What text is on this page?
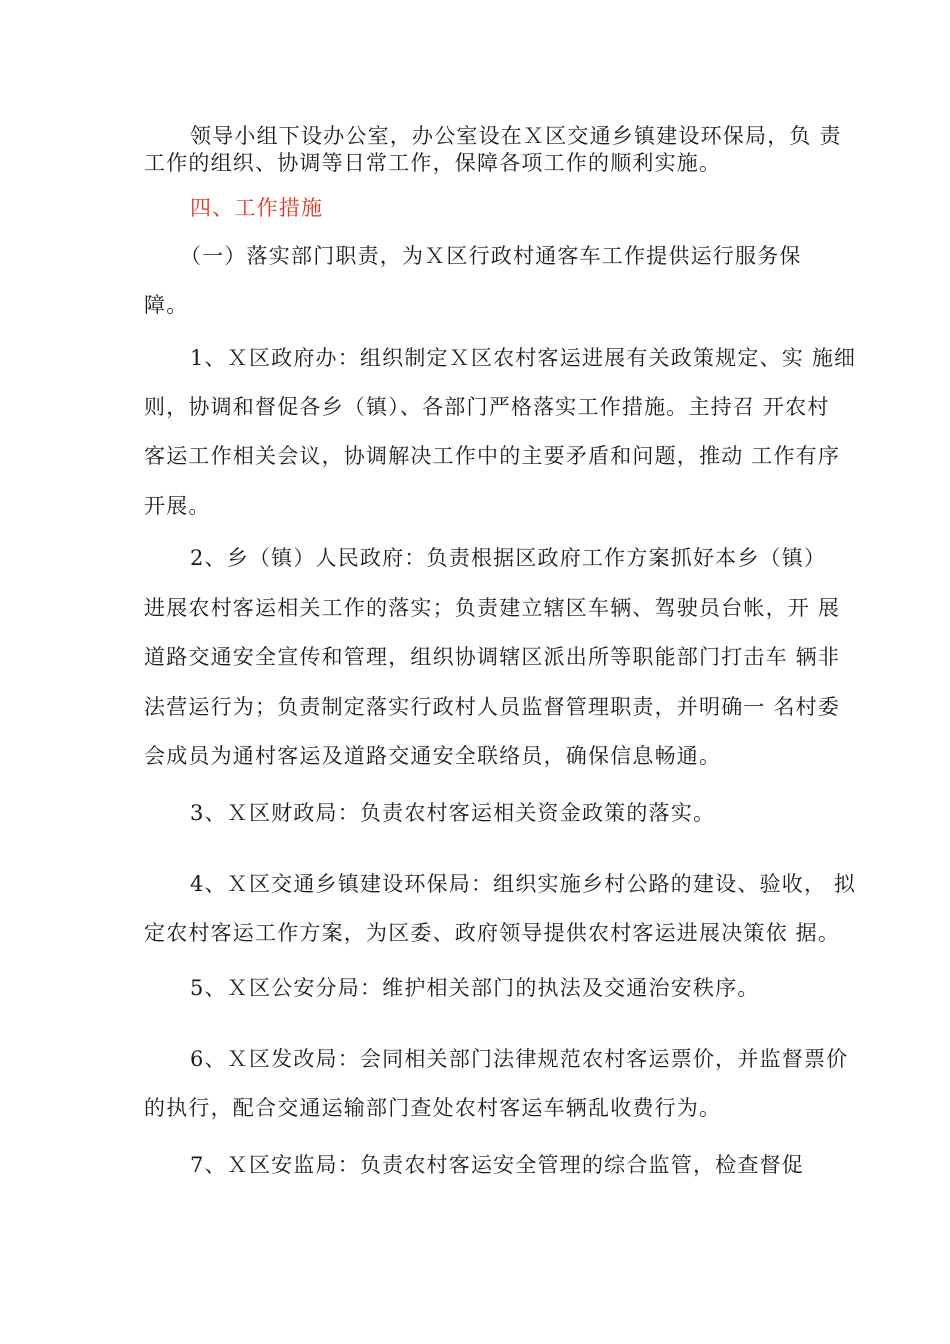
领导小组下设办公室，办公室设在Ｘ区交通乡镇建设环保局，负 责
工作的组织、协调等日常工作，保障各项工作的顺利实施。
四、工作措施
（一）落实部门职责，为Ｘ区行政村通客车工作提供运行服务保
障。
1、Ｘ区政府办：组织制定Ｘ区农村客运进展有关政策规定、实 施细
则，协调和督促各乡（镇）、各部门严格落实工作措施。主持召 开农村
客运工作相关会议，协调解决工作中的主要矛盾和问题，推动 工作有序
开展。
2、乡（镇）人民政府：负责根据区政府工作方案抓好本乡（镇）
进展农村客运相关工作的落实；负责建立辖区车辆、驾驶员台帐，开 展
道路交通安全宣传和管理，组织协调辖区派出所等职能部门打击车 辆非
法营运行为；负责制定落实行政村人员监督管理职责，并明确一 名村委
会成员为通村客运及道路交通安全联络员，确保信息畅通。
3、Ｘ区财政局：负责农村客运相关资金政策的落实。
4、Ｘ区交通乡镇建设环保局：组织实施乡村公路的建设、验收， 拟
定农村客运工作方案，为区委、政府领导提供农村客运进展决策依 据。
5、Ｘ区公安分局：维护相关部门的执法及交通治安秩序。
6、Ｘ区发改局：会同相关部门法律规范农村客运票价，并监督票价
的执行，配合交通运输部门查处农村客运车辆乱收费行为。
7、Ｘ区安监局：负责农村客运安全管理的综合监管，检查督促
